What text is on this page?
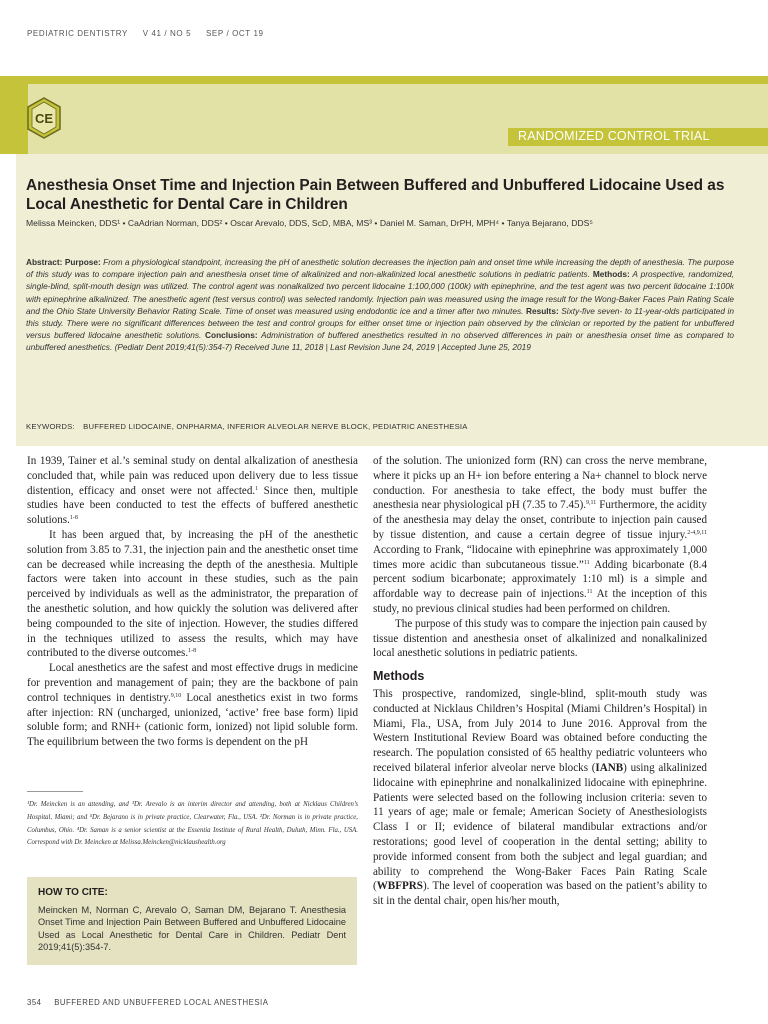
PEDIATRIC DENTISTRY V 41 / NO 5 SEP / OCT 19
RANDOMIZED CONTROL TRIAL
CE
Anesthesia Onset Time and Injection Pain Between Buffered and Unbuffered Lidocaine Used as Local Anesthetic for Dental Care in Children
Melissa Meincken, DDS¹ • CaAdrian Norman, DDS² • Oscar Arevalo, DDS, ScD, MBA, MS³ • Daniel M. Saman, DrPH, MPH⁴ • Tanya Bejarano, DDS⁵
Abstract: Purpose: From a physiological standpoint, increasing the pH of anesthetic solution decreases the injection pain and onset time while increasing the depth of anesthesia. The purpose of this study was to compare injection pain and anesthesia onset time of alkalinized and non-alkalinized local anesthetic solutions in pediatric patients. Methods: A prospective, randomized, single-blind, split-mouth design was utilized. The control agent was nonalkalized two percent lidocaine 1:100,000 (100k) with epinephrine, and the test agent was two percent lidocaine 1:100k with epinephrine alkalinized. The anesthetic agent (test versus control) was selected randomly. Injection pain was measured using the image result for the Wong-Baker Faces Pain Rating Scale and the Ohio State University Behavior Rating Scale. Time of onset was measured using endodontic ice and a timer after two minutes. Results: Sixty-five seven- to 11-year-olds participated in this study. There were no significant differences between the test and control groups for either onset time or injection pain observed by the clinician or reported by the patient for unbuffered versus buffered lidocaine anesthetic solutions. Conclusions: Administration of buffered anesthetics resulted in no observed differences in pain or anesthesia onset time as compared to unbuffered anesthetics. (Pediatr Dent 2019;41(5):354-7) Received June 11, 2018 | Last Revision June 24, 2019 | Accepted June 25, 2019
KEYWORDS: BUFFERED LIDOCAINE, ONPHARMA, INFERIOR ALVEOLAR NERVE BLOCK, PEDIATRIC ANESTHESIA

In 1939, Tainer et al.’s seminal study on dental alkalization of anesthesia concluded that, while pain was reduced upon delivery due to less tissue distention, efficacy and onset were not affected.$^1$ Since then, multiple studies have been conducted to test the effects of buffered anesthetic solutions.$^{1-8}$

It has been argued that, by increasing the pH of the anesthetic solution from 3.85 to 7.31, the injection pain and the anesthetic onset time can be decreased while increasing the depth of the anesthesia. Multiple factors were taken into account in these studies, such as the pain perceived by individuals as well as the administrator, the preparation of the anesthetic solution, and how quickly the solution was delivered after being compounded to the site of injection. However, the studies differed in the techniques utilized to assess the results, which may have contributed to the diverse outcomes.$^{1-8}$

Local anesthetics are the safest and most effective drugs in medicine for prevention and management of pain; they are the backbone of pain control techniques in dentistry.$^{9,10}$ Local anesthetics exist in two forms after injection: RN (uncharged, unionized, ‘active’ free base form) lipid soluble form; and RNH+ (cationic form, ionized) not lipid soluble form. The equilibrium between the two forms is dependent on the pH

¹Dr. Meincken is an attending, and ³Dr. Arevalo is an interim director and attending, both at Nicklaus Children’s Hospital, Miami; and ⁵Dr. Bejarano is in private practice, Clearwater, Fla., USA. ²Dr. Norman is in private practice, Columbus, Ohio. ⁴Dr. Saman is a senior scientist at the Essentia Institute of Rural Health, Duluth, Minn. Fla., USA. Correspond with Dr. Meincken at Melissa.Meincken@nicklaushealth.org
HOW TO CITE:
Meincken M, Norman C, Arevalo O, Saman DM, Bejarano T. Anesthesia Onset Time and Injection Pain Between Buffered and Unbuffered Lidocaine Used as Local Anesthetic for Dental Care in Children. Pediatr Dent 2019;41(5):354-7.

of the solution. The unionized form (RN) can cross the nerve membrane, where it picks up an H+ ion before entering a Na+ channel to block nerve conduction. For anesthesia to take effect, the body must buffer the anesthesia near physiological pH (7.35 to 7.45).$^{9,11}$ Furthermore, the acidity of the anesthesia may delay the onset, contribute to injection pain caused by tissue distention, and cause a certain degree of tissue injury.$^{2-4,9,11}$ According to Frank, “lidocaine with epinephrine was approximately 1,000 times more acidic than subcutaneous tissue.”$^{11}$ Adding bicarbonate (8.4 percent sodium bicarbonate; approximately 1:10 ml) is a simple and affordable way to decrease pain of injections.$^{11}$ At the inception of this study, no previous clinical studies had been performed on children.

The purpose of this study was to compare the injection pain caused by tissue distention and anesthesia onset of alkalinized and nonalkalinized local anesthetic solutions in pediatric patients.

Methods

This prospective, randomized, single-blind, split-mouth study was conducted at Nicklaus Children’s Hospital (Miami Children’s Hospital) in Miami, Fla., USA, from July 2014 to June 2016. Approval from the Western Institutional Review Board was obtained before conducting the research. The population consisted of 65 healthy pediatric volunteers who received bilateral inferior alveolar nerve blocks (IANB) using alkalinized lidocaine with epinephrine and nonalkalinized lidocaine with epinephrine. Patients were selected based on the following inclusion criteria: seven to 11 years of age; male or female; American Society of Anesthesiologists Class I or II; evidence of bilateral mandibular extractions and/or restorations; good level of cooperation in the dental setting; ability to provide informed consent from both the subject and legal guardian; and ability to comprehend the Wong-Baker Faces Pain Rating Scale (WBFPRS). The level of cooperation was based on the patient’s ability to sit in the dental chair, open his/her mouth,

354 BUFFERED AND UNBUFFERED LOCAL ANESTHESIA
